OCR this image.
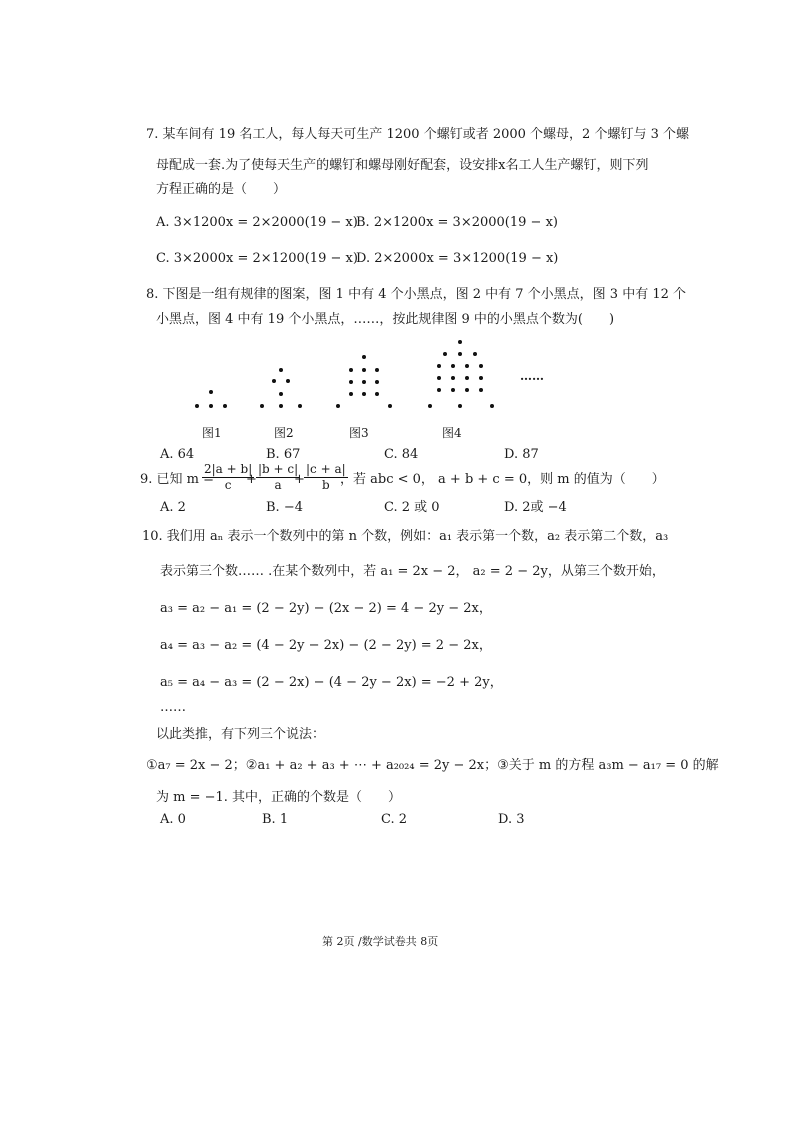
7. 某车间有 19 名工人，每人每天可生产 1200 个螺钉或者 2000 个螺母，2 个螺钉与 3 个螺
母配成一套.为了使每天生产的螺钉和螺母刚好配套，设安排x名工人生产螺钉，则下列
方程正确的是（　　）
A. 3×1200x = 2×2000(19 − x)
B. 2×1200x = 3×2000(19 − x)
C. 3×2000x = 2×1200(19 − x)
D. 2×2000x = 3×1200(19 − x)
8. 下图是一组有规律的图案，图 1 中有 4 个小黑点，图 2 中有 7 个小黑点，图 3 中有 12 个
小黑点，图 4 中有 19 个小黑点，……，按此规律图 9 中的小黑点个数为(　　)
……
图1	图2	图3	图4
A. 64	B. 67	C. 84	D. 87
9. 已知 m =
$\frac{2|a + b|}{c}$
+ $\frac{|b + c|}{a}$
+ $\frac{|c + a|}{b}$
，若 abc < 0， a + b + c = 0，则 m 的值为（　　）
A. 2	B. −4	C. 2 或 0	D. 2或 −4
10. 我们用 aₙ 表示一个数列中的第 n 个数，例如：a₁ 表示第一个数，a₂ 表示第二个数，a₃
表示第三个数…… .在某个数列中，若 a₁ = 2x − 2， a₂ = 2 − 2y，从第三个数开始，
a₃ = a₂ − a₁ = (2 − 2y) − (2x − 2) = 4 − 2y − 2x，
a₄ = a₃ − a₂ = (4 − 2y − 2x) − (2 − 2y) = 2 − 2x，
a₅ = a₄ − a₃ = (2 − 2x) − (4 − 2y − 2x) = −2 + 2y，
……
以此类推，有下列三个说法：
①a₇ = 2x − 2；②a₁ + a₂ + a₃ + ⋯ + a₂₀₂₄ = 2y − 2x；③关于 m 的方程 a₃m − a₁₇ = 0 的解
为 m = −1. 其中，正确的个数是（　　）
A. 0	B. 1	C. 2	D. 3
第 2页 /数学试卷共 8页
